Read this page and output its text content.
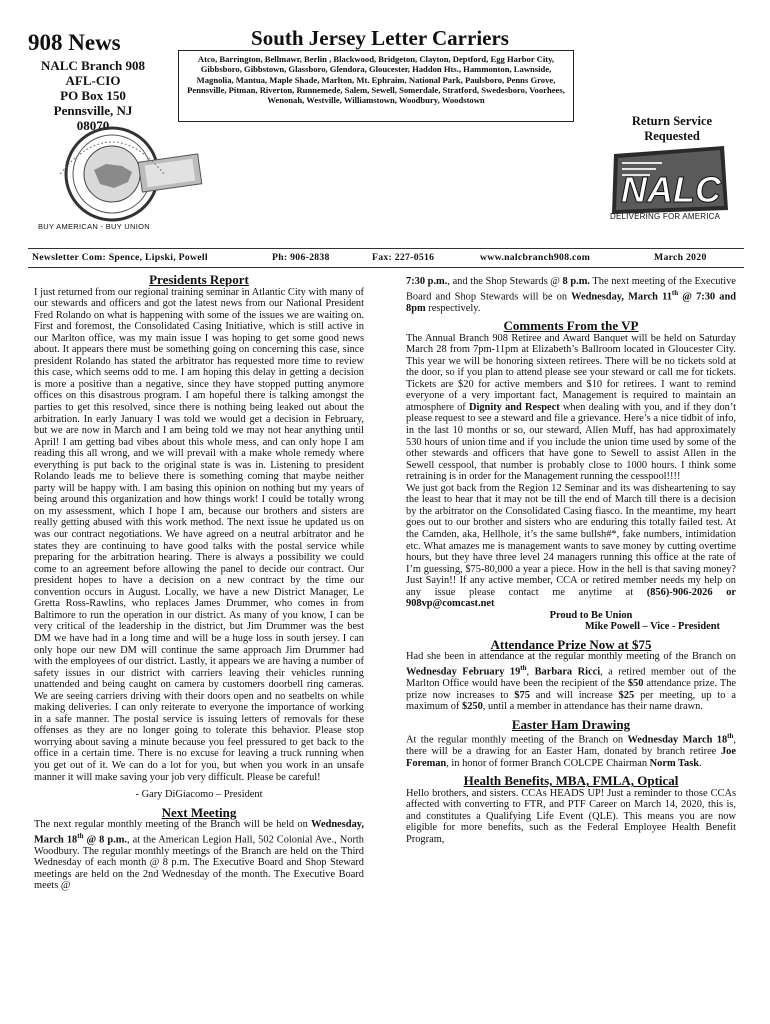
908 News
NALC Branch 908
AFL-CIO
PO Box 150
Pennsville, NJ
08070
South Jersey Letter Carriers
Atco, Barrington, Bellmawr, Berlin , Blackwood, Bridgeton, Clayton, Deptford, Egg Harbor City, Gibbsboro, Gibbstown, Glassboro, Glendora, Gloucester, Haddon Hts., Hammonton, Lawnside, Magnolia, Mantua, Maple Shade, Marlton, Mt. Ephraim, National Park, Paulsboro, Penns Grove, Pennsville, Pitman, Riverton, Runnemede, Salem, Sewell, Somerdale, Stratford, Swedesboro, Voorhees, Wenonah, Westville, Williamstown, Woodbury, Woodstown
BUY AMERICAN - BUY UNION
Return Service
Requested
NALC
DELIVERING FOR AMERICA
Newsletter Com: Spence, Lipski, Powell	Ph: 906-2838	Fax: 227-0516	www.nalcbranch908.com	March 2020
Presidents Report

I just returned from our regional training seminar in Atlantic City with many of our stewards and officers and got the latest news from our National President Fred Rolando on what is happening with some of the issues we are waiting on. First and foremost, the Consolidated Casing Initiative, which is still active in our Marlton office, was my main issue I was hoping to get some good news about. It appears there must be something going on concerning this case, since president Rolando has stated the arbitrator has requested more time to review this case, which seems odd to me. I am hoping this delay in getting a decision is more a positive than a negative, since they have stopped putting anymore offices on this disastrous program. I am hopeful there is talking amongst the parties to get this resolved, since there is nothing being leaked out about the arbitration. In early January I was told we would get a decision in February, but we are now in March and I am being told we may not hear anything until April! I am getting bad vibes about this whole mess, and can only hope I am reading this all wrong, and we will prevail with a make whole remedy where everything is put back to the original state is was in. Listening to president Rolando leads me to believe there is something coming that maybe neither party will be happy with. I am basing this opinion on nothing but my years of being around this organization and how things work! I could be totally wrong on my assessment, which I hope I am, because our brothers and sisters are really getting abused with this work method. The next issue he updated us on was our contract negotiations. We have agreed on a neutral arbitrator and he states they are continuing to have good talks with the postal service while preparing for the arbitration hearing. There is always a possibility we could come to an agreement before allowing the panel to decide our contract. Our president hopes to have a decision on a new contract by the time our convention occurs in August. Locally, we have a new District Manager, Le Gretta Ross-Rawlins, who replaces James Drummer, who comes in from Baltimore to run the operation in our district. As many of you know, I can be very critical of the leadership in the district, but Jim Drummer was the best DM we have had in a long time and will be a huge loss in south jersey. I can only hope our new DM will continue the same approach Jim Drummer had with the employees of our district. Lastly, it appears we are having a number of safety issues in our district with carriers leaving their vehicles running unattended and being caught on camera by customers doorbell ring cameras. We are seeing carriers driving with their doors open and no seatbelts on while making deliveries. I can only reiterate to everyone the importance of working in a safe manner. The postal service is issuing letters of removals for these offenses as they are no longer going to tolerate this behavior. Please stop worrying about saving a minute because you feel pressured to get back to the office in a certain time. There is no excuse for leaving a truck running when you get out of it. We can do a lot for you, but when you work in an unsafe manner it will make saving your job very difficult. Please be careful!

- Gary DiGiacomo – President

Next Meeting

The next regular monthly meeting of the Branch will be held on Wednesday, March 18th @ 8 p.m., at the American Legion Hall, 502 Colonial Ave., North Woodbury. The regular monthly meetings of the Branch are held on the Third Wednesday of each month @ 8 p.m. The Executive Board and Shop Steward meetings are held on the 2nd Wednesday of the month. The Executive Board meets @

7:30 p.m., and the Shop Stewards @ 8 p.m. The next meeting of the Executive Board and Shop Stewards will be on Wednesday, March 11th @ 7:30 and 8pm respectively.

Comments From the VP

The Annual Branch 908 Retiree and Award Banquet will be held on Saturday March 28 from 7pm-11pm at Elizabeth’s Ballroom located in Gloucester City. This year we will be honoring sixteen retirees. There will be no tickets sold at the door, so if you plan to attend please see your steward or call me for tickets. Tickets are $20 for active members and $10 for retirees. I want to remind everyone of a very important fact, Management is required to maintain an atmosphere of Dignity and Respect when dealing with you, and if they don’t please request to see a steward and file a grievance. Here’s a nice tidbit of info, in the last 10 months or so, our steward, Allen Muff, has had approximately 530 hours of union time and if you include the union time used by some of the other stewards and officers that have gone to Sewell to assist Allen in the Sewell cesspool, that number is probably close to 1000 hours. I think some retraining is in order for the Management running the cesspool!!!!

We just got back from the Region 12 Seminar and its was disheartening to say the least to hear that it may not be till the end of March till there is a decision by the arbitrator on the Consolidated Casing fiasco. In the meantime, my heart goes out to our brother and sisters who are enduring this totally failed test. At the Camden, aka, Hellhole, it’s the same bullsh#*, fake numbers, intimidation etc. What amazes me is management wants to save money by cutting overtime hours, but they have three level 24 managers running this office at the rate of I’m guessing, $75-80,000 a year a piece. How in the hell is that saving money? Just Sayin!! If any active member, CCA or retired member needs my help on any issue please contact me anytime at (856)-906-2026 or 908vp@comcast.net

Proud to Be Union

Mike Powell – Vice - President

Attendance Prize Now at $75

Had she been in attendance at the regular monthly meeting of the Branch on Wednesday February 19th, Barbara Ricci, a retired member out of the Marlton Office would have been the recipient of the $50 attendance prize. The prize now increases to $75 and will increase $25 per meeting, up to a maximum of $250, until a member in attendance has their name drawn.

Easter Ham Drawing

At the regular monthly meeting of the Branch on Wednesday March 18th, there will be a drawing for an Easter Ham, donated by branch retiree Joe Foreman, in honor of former Branch COLCPE Chairman Norm Task.

Health Benefits, MBA, FMLA, Optical

Hello brothers, and sisters. CCAs HEADS UP! Just a reminder to those CCAs affected with converting to FTR, and PTF Career on March 14, 2020, this is, and constitutes a Qualifying Life Event (QLE). This means you are now eligible for more benefits, such as the Federal Employee Health Benefit Program,
